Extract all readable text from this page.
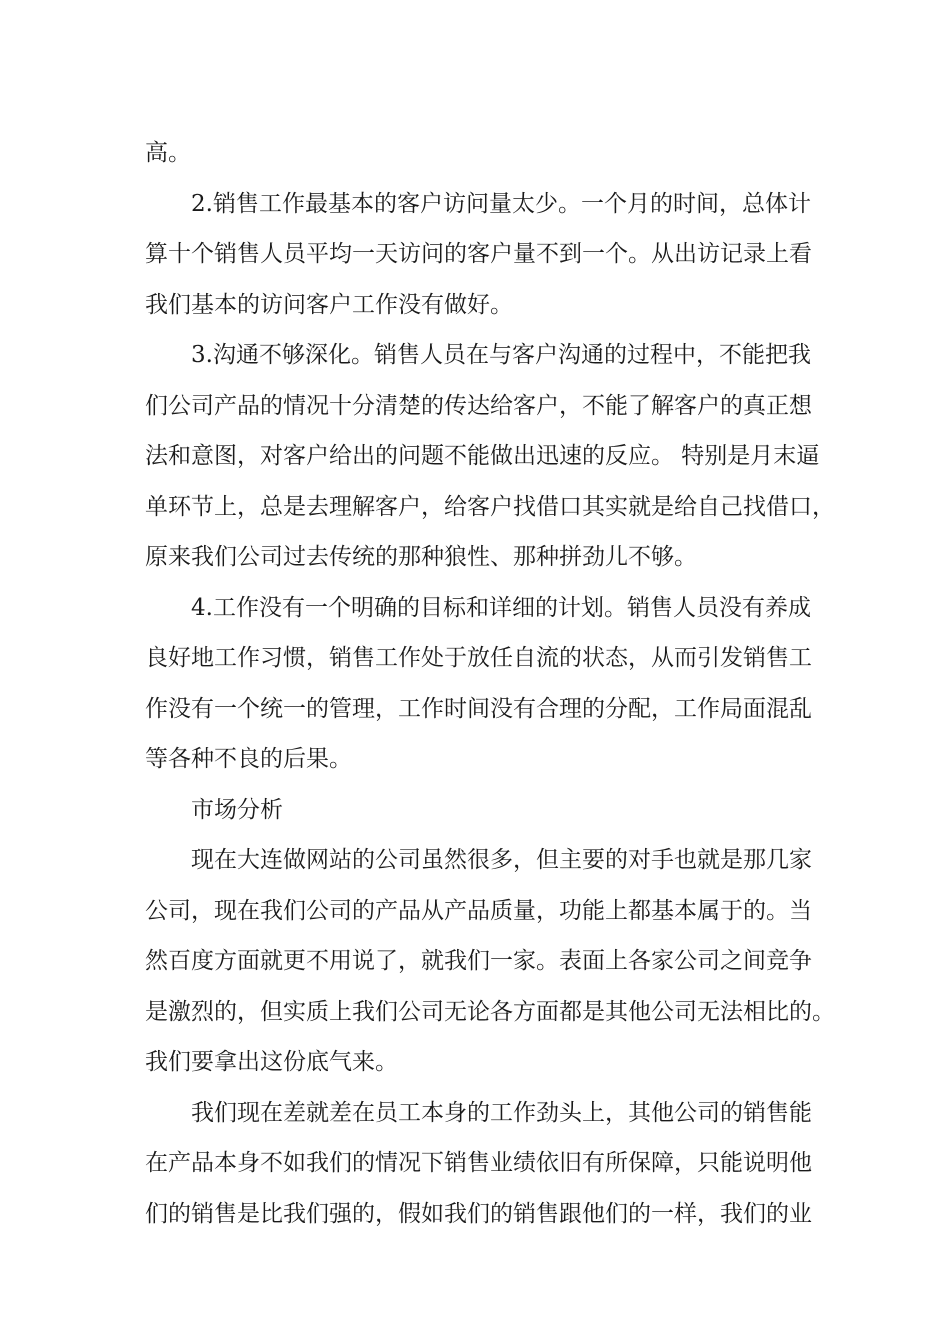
高。
2.销售工作最基本的客户访问量太少。一个月的时间，总体计
算十个销售人员平均一天访问的客户量不到一个。从出访记录上看
我们基本的访问客户工作没有做好。
3.沟通不够深化。销售人员在与客户沟通的过程中，不能把我
们公司产品的情况十分清楚的传达给客户，不能了解客户的真正想
法和意图，对客户给出的问题不能做出迅速的反应。 特别是月末逼
单环节上，总是去理解客户，给客户找借口其实就是给自己找借口，
原来我们公司过去传统的那种狼性、那种拼劲儿不够。
4.工作没有一个明确的目标和详细的计划。销售人员没有养成
良好地工作习惯，销售工作处于放任自流的状态，从而引发销售工
作没有一个统一的管理，工作时间没有合理的分配，工作局面混乱
等各种不良的后果。
市场分析
现在大连做网站的公司虽然很多，但主要的对手也就是那几家
公司，现在我们公司的产品从产品质量，功能上都基本属于的。当
然百度方面就更不用说了，就我们一家。表面上各家公司之间竞争
是激烈的，但实质上我们公司无论各方面都是其他公司无法相比的。
我们要拿出这份底气来。
我们现在差就差在员工本身的工作劲头上，其他公司的销售能
在产品本身不如我们的情况下销售业绩依旧有所保障，只能说明他
们的销售是比我们强的，假如我们的销售跟他们的一样，我们的业
